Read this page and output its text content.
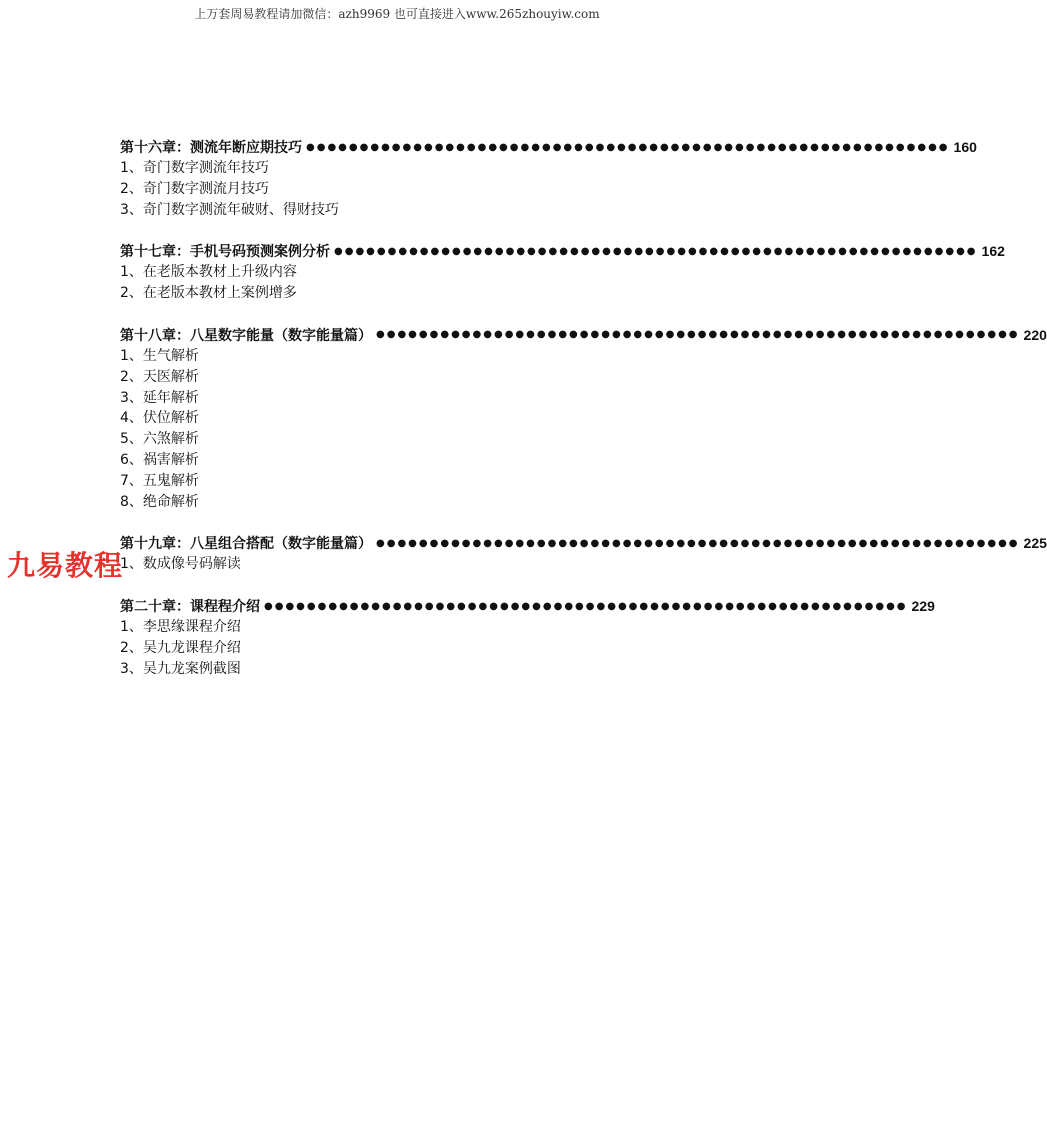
上万套周易教程请加微信：azh9969 也可直接进入www.265zhouyiw.com
第十六章：测流年断应期技巧 ●●●●●●●●●●●●●●●●●●●●●●●●●●●●●●●●●●●●●●●●●●●●●●●●●●●●●●●●●●●● 160
1、奇门数字测流年技巧
2、奇门数字测流月技巧
3、奇门数字测流年破财、得财技巧
第十七章：手机号码预测案例分析 ●●●●●●●●●●●●●●●●●●●●●●●●●●●●●●●●●●●●●●●●●●●●●●●●●●●●●●●●●●●● 162
1、在老版本教材上升级内容
2、在老版本教材上案例增多
第十八章：八星数字能量（数字能量篇） ●●●●●●●●●●●●●●●●●●●●●●●●●●●●●●●●●●●●●●●●●●●●●●●●●●●●●●●●●●●● 220
1、生气解析
2、天医解析
3、延年解析
4、伏位解析
5、六煞解析
6、祸害解析
7、五鬼解析
8、绝命解析
第十九章：八星组合搭配（数字能量篇） ●●●●●●●●●●●●●●●●●●●●●●●●●●●●●●●●●●●●●●●●●●●●●●●●●●●●●●●●●●●● 225
1、数成像号码解读
第二十章：课程程介绍 ●●●●●●●●●●●●●●●●●●●●●●●●●●●●●●●●●●●●●●●●●●●●●●●●●●●●●●●●●●●● 229
1、李思缘课程介绍
2、吴九龙课程介绍
3、吴九龙案例截图
九易教程
